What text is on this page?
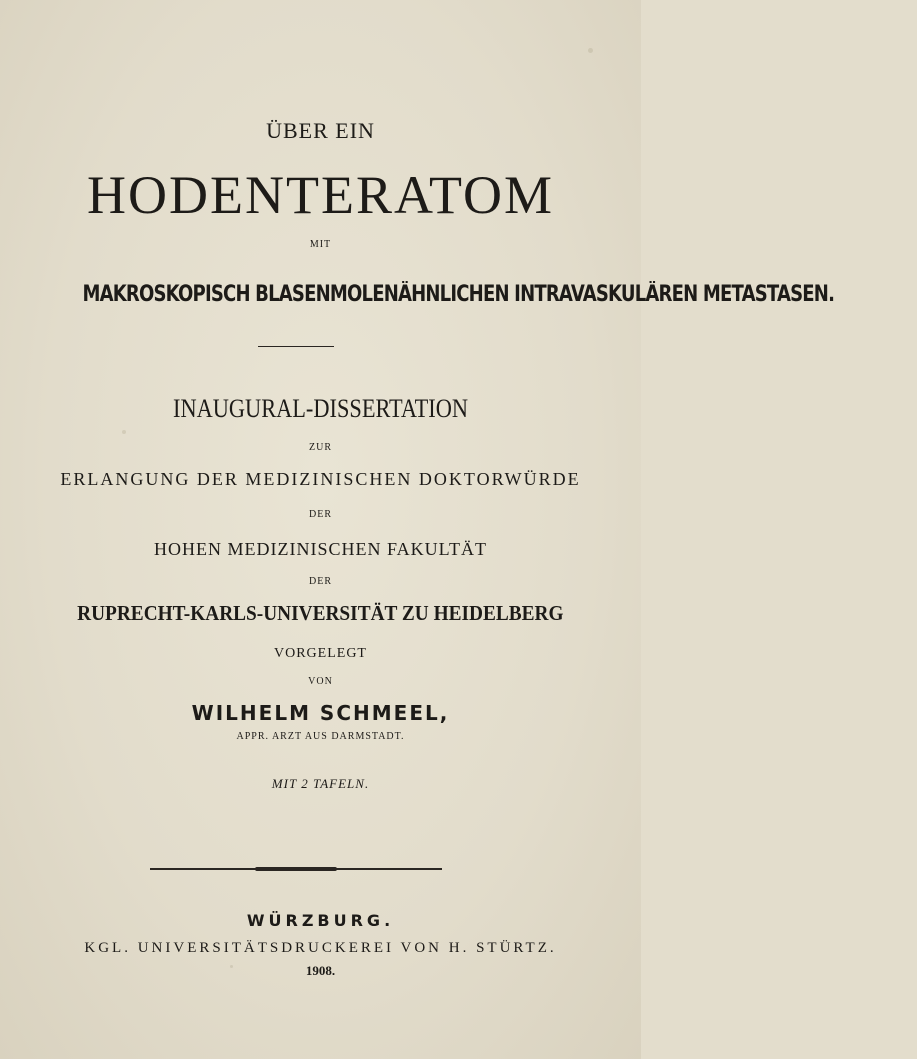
ÜBER EIN
HODENTERATOM
MIT
MAKROSKOPISCH BLASENMOLENÄHNLICHEN INTRAVASKULÄREN METASTASEN.
INAUGURAL-DISSERTATION
ZUR
ERLANGUNG DER MEDIZINISCHEN DOKTORWÜRDE
DER
HOHEN MEDIZINISCHEN FAKULTÄT
DER
RUPRECHT-KARLS-UNIVERSITÄT ZU HEIDELBERG
VORGELEGT
VON
WILHELM SCHMEEL,
APPR. ARZT AUS DARMSTADT.
MIT 2 TAFELN.
WÜRZBURG.
KGL. UNIVERSITÄTSDRUCKEREI VON H. STÜRTZ.
1908.
